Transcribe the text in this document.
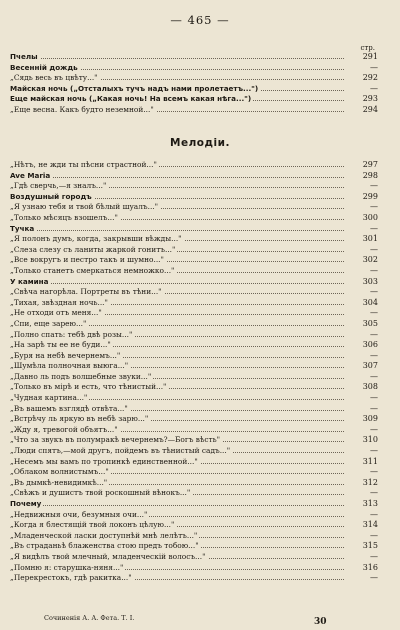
— 465 —
стр.
Пчелы	291
Весенній дождь	—
„Сядь весь въ цвѣту..."	292
Майская ночь („Отсталыхъ тучъ надъ нами пролетаетъ...")	—
Еще майская ночь („Какая ночь! На всемъ какая нѣга...")	293
„Еще весна. Какъ будто неземной..."	294
Мелодіи.
„Нѣтъ, не жди ты пѣсни страстной..."	297
Ave Maria	298
„Гдѣ сверчь,—я зналъ..."	—
Воздушный городъ	299
„Я узнаю тебя и твой бѣлый шуалъ..."	—
„Только мѣсяцъ взошелъ..."	300
Тучка	—
„Я полонъ думъ, когда, закрывши вѣжды..."	301
„Слеза слезу съ ланиты жаркой гонитъ..."	—
„Все вокругъ и пестро такъ и шумно..."	302
„Только станетъ смеркаться немножко..."	—
У камина	303
„Свѣча нагорѣла. Портреты въ тѣни..."	—
„Тихая, звѣздная ночь..."	304
„Не отходи отъ меня..."	—
„Спи, еще зарею..."	305
„Полно спать: тебѣ двѣ розы..."	—
„На зарѣ ты ее не буди..."	306
„Буря на небѣ вечернемъ..."	—
„Шумѣла полночная выюга..."	307
„Давно ль подъ волшебные звуки..."	—
„Только въ мірѣ и есть, что тѣнистый..."	308
„Чудная картина..."	—
„Въ вашемъ взглядѣ отвѣта..."	—
„Встрѣчу ль яркую въ небѣ зарю..."	309
„Жду я, тревогой объятъ..."	—
„Что за звукъ въ полумракѣ вечернемъ?—Богъ вѣсть"	310
„Люди спятъ,—мой другъ, пойдемъ въ тѣнистый садъ..."	—
„Несемъ мы вамъ по тропинкѣ единственной..."	311
„Облаком волнистымъ..."	—
„Въ дымкѣ-невидимкѣ..."	312
„Свѣжъ и душистъ твой роскошный вѣнокъ..."	—
Почему	313
„Недвижныя очи, безумныя очи..."	—
„Когда я блестящій твой локонъ цѣлую..."	314
„Младенческой ласки доступнѣй мнѣ лелѣтъ..."	—
„Въ страданьѣ блаженства стою предъ тобою..."	315
„Я видѣлъ твой млечный, младенческій волосъ..."	—
„Помню я: старушка-няня..."	316
„Перекрестокъ, гдѣ ракитка..."	—
Сочиненія А. А. Фета. Т. I.	30
